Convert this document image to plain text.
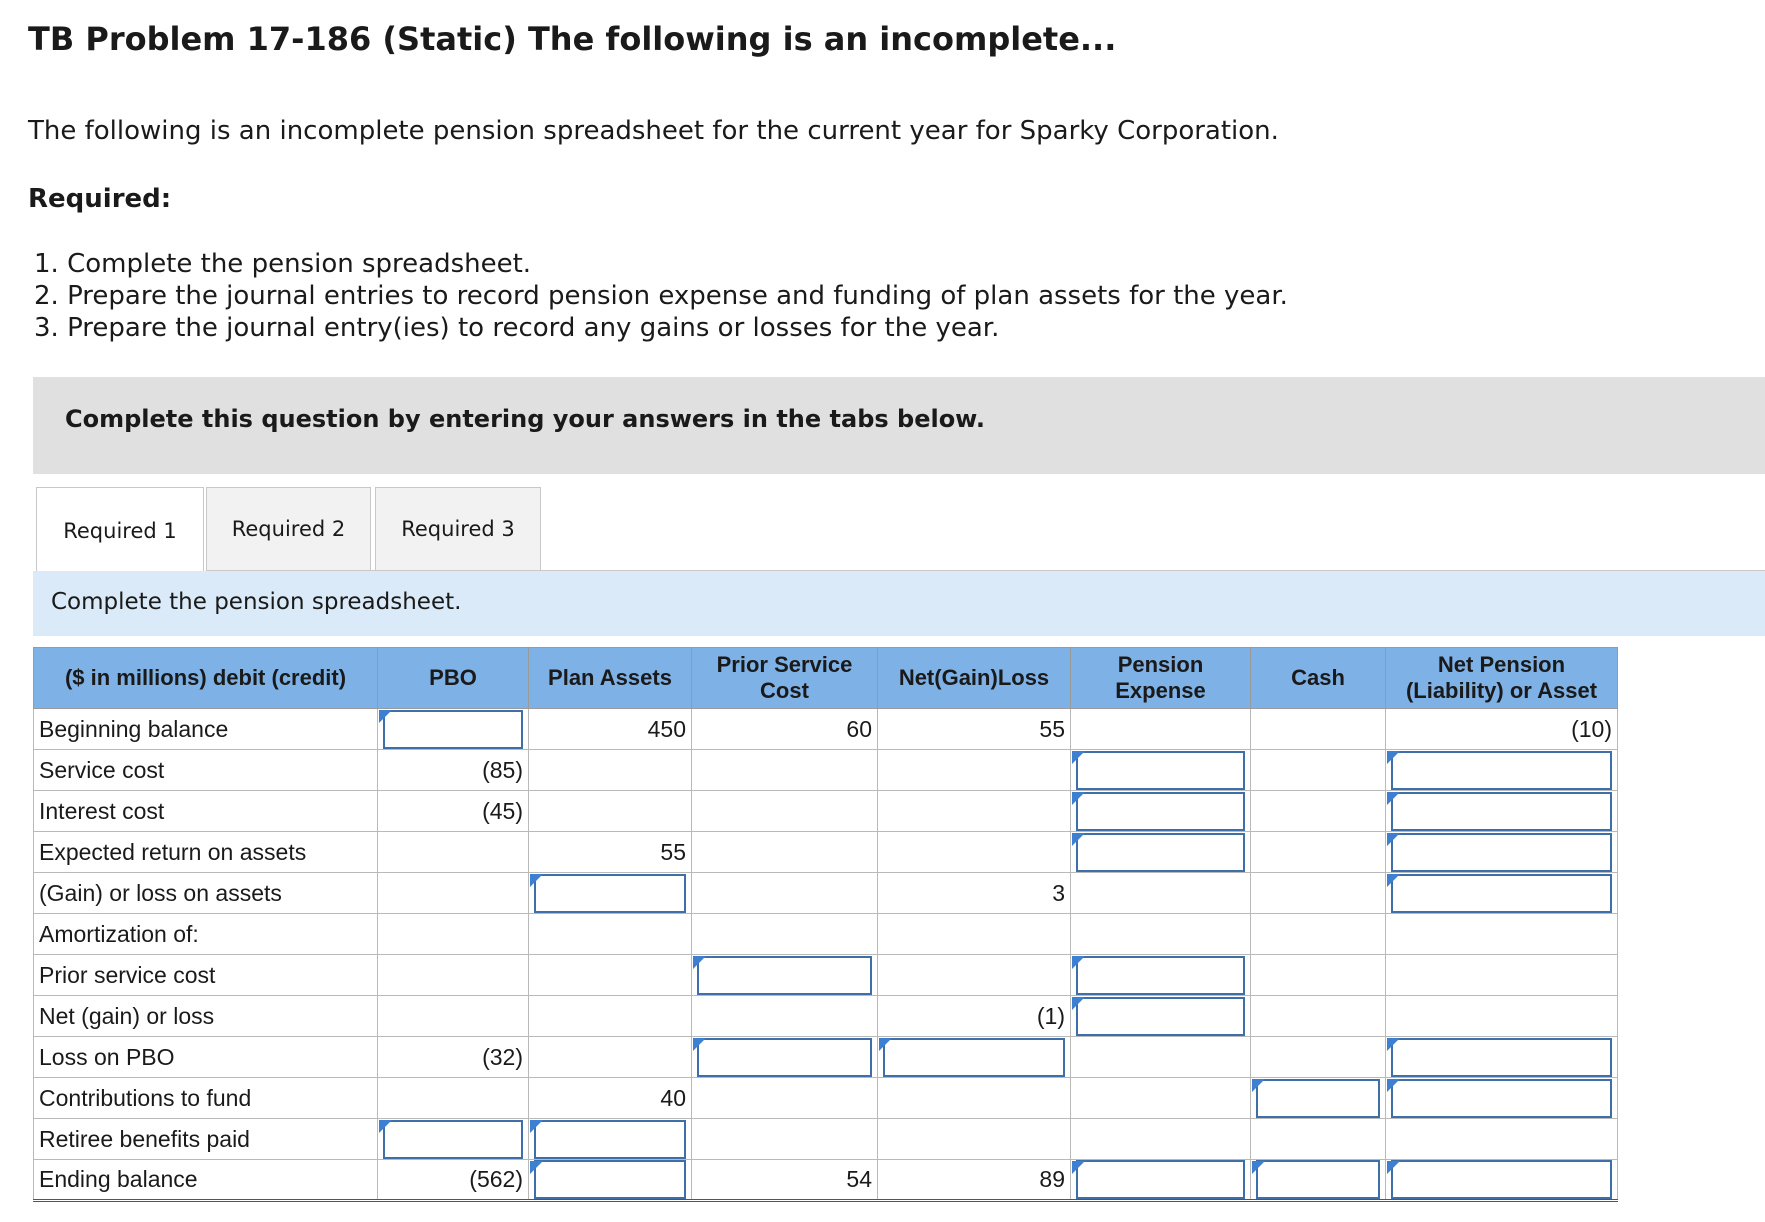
TB Problem 17-186 (Static) The following is an incomplete...

The following is an incomplete pension spreadsheet for the current year for Sparky Corporation.

Required:

1. Complete the pension spreadsheet.
2. Prepare the journal entries to record pension expense and funding of plan assets for the year.
3. Prepare the journal entry(ies) to record any gains or losses for the year.
Complete this question by entering your answers in the tabs below.
Required 1	Required 2	Required 3
Complete the pension spreadsheet.
($ in millions) debit (credit)	PBO	Plan Assets	Prior Service Cost	Net(Gain)Loss	Pension Expense	Cash	Net Pension (Liability) or Asset
Beginning balance		450	60	55			(10)
Service cost	(85)				

Interest cost	(45)				

Expected return on assets		55			

(Gain) or loss on assets				3			

Amortization of:							
Prior service cost			

Net (gain) or loss				(1)	

Loss on PBO	(32)		

Contributions to fund		40				

Retiree benefits paid	

Ending balance	(562)		54	89	
